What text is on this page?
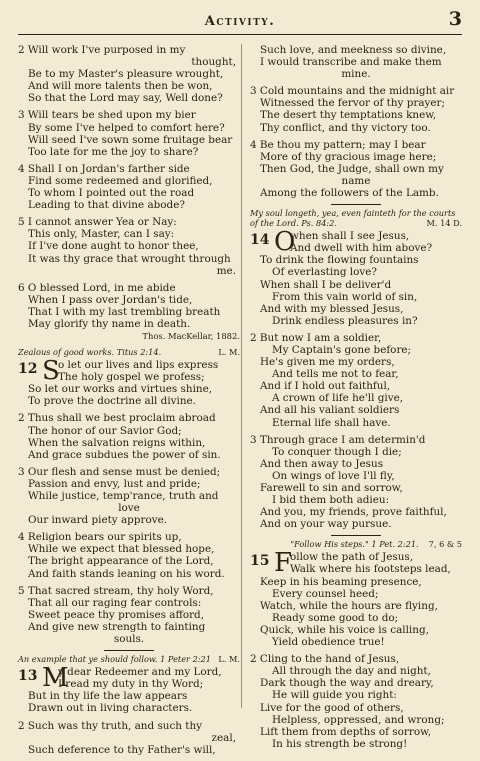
Activity.	3
2 Will work I've purposed in my
thought,
Be to my Master's pleasure wrought,
And will more talents then be won,
So that the Lord may say, Well done?
3 Will tears be shed upon my bier
By some I've helped to comfort here?
Will seed I've sown some fruitage bear
Too late for me the joy to share?
4 Shall I on Jordan's farther side
Find some redeemed and glorified,
To whom I pointed out the road
Leading to that divine abode?
5 I cannot answer Yea or Nay:
This only, Master, can I say:
If I've done aught to honor thee,
It was thy grace that wrought through
me.
6 O blessed Lord, in me abide
When I pass over Jordan's tide,
That I with my last trembling breath
May glorify thy name in death.
Thos. MacKellar, 1882.
Zealous of good works. Titus 2:14.	L. M.
12 S
o let our lives and lips express
The holy gospel we profess;
So let our works and virtues shine,
To prove the doctrine all divine.
2 Thus shall we best proclaim abroad
The honor of our Savior God;
When the salvation reigns within,
And grace subdues the power of sin.
3 Our flesh and sense must be denied;
Passion and envy, lust and pride;
While justice, temp'rance, truth and
love
Our inward piety approve.
4 Religion bears our spirits up,
While we expect that blessed hope,
The bright appearance of the Lord,
And faith stands leaning on his word.
5 That sacred stream, thy holy Word,
That all our raging fear controls:
Sweet peace thy promises afford,
And give new strength to fainting
souls.
An example that ye should follow. 1 Peter 2:21 L. M.
13 M
y dear Redeemer and my Lord,
I read my duty in thy Word;
But in thy life the law appears
Drawn out in living characters.
2 Such was thy truth, and such thy
zeal,
Such deference to thy Father's will,
Such love, and meekness so divine,
I would transcribe and make them
mine.
3 Cold mountains and the midnight air
Witnessed the fervor of thy prayer;
The desert thy temptations knew,
Thy conflict, and thy victory too.
4 Be thou my pattern; may I bear
More of thy gracious image here;
Then God, the Judge, shall own my
name
Among the followers of the Lamb.
My soul longeth, yea, even fainteth for the courts of the Lord. Ps. 84:2.	M. 14 D.
14 O
when shall I see Jesus,
And dwell with him above?
To drink the flowing fountains
Of everlasting love?
When shall I be deliver'd
From this vain world of sin,
And with my blessed Jesus,
Drink endless pleasures in?
2 But now I am a soldier,
My Captain's gone before;
He's given me my orders,
And tells me not to fear,
And if I hold out faithful,
A crown of life he'll give,
And all his valiant soldiers
Eternal life shall have.
3 Through grace I am determin'd
To conquer though I die;
And then away to Jesus
On wings of love I'll fly,
Farewell to sin and sorrow,
I bid them both adieu:
And you, my friends, prove faithful,
And on your way pursue.
"Follow His steps." 1 Pet. 2:21. 7, 6 & 5
15 F
ollow the path of Jesus,
Walk where his footsteps lead,
Keep in his beaming presence,
Every counsel heed;
Watch, while the hours are flying,
Ready some good to do;
Quick, while his voice is calling,
Yield obedience true!
2 Cling to the hand of Jesus,
All through the day and night,
Dark though the way and dreary,
He will guide you right:
Live for the good of others,
Helpless, oppressed, and wrong;
Lift them from depths of sorrow,
In his strength be strong!
